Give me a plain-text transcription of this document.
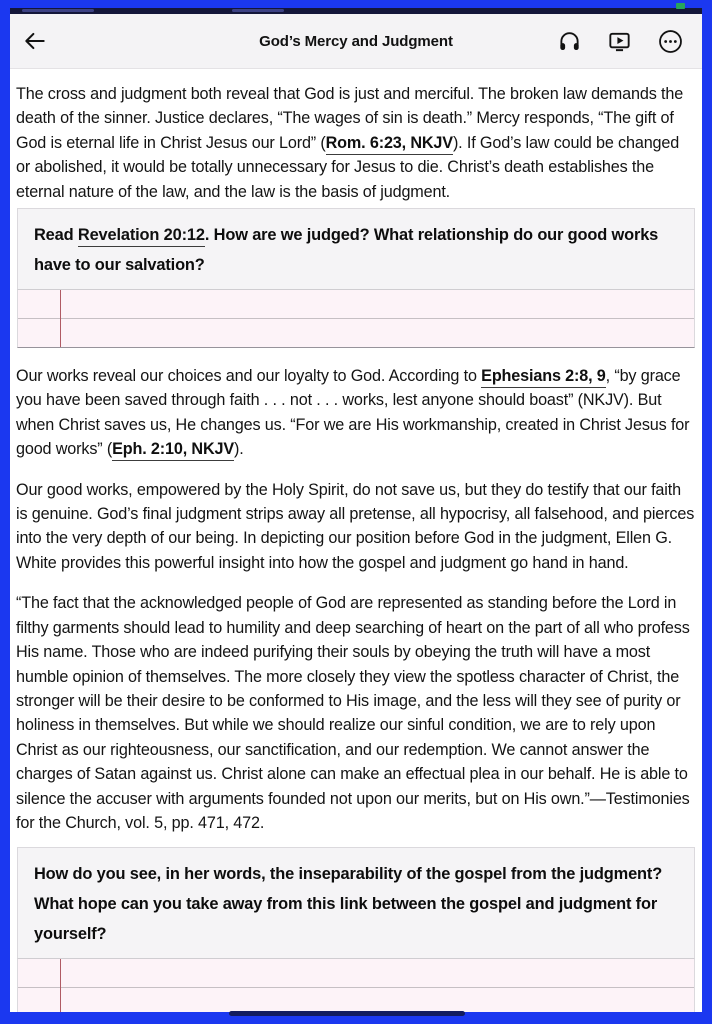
God’s Mercy and Judgment

The cross and judgment both reveal that God is just and merciful. The broken law demands the death of the sinner. Justice declares, “The wages of sin is death.” Mercy responds, “The gift of God is eternal life in Christ Jesus our Lord” (Rom. 6:23, NKJV). If God’s law could be changed or abolished, it would be totally unnecessary for Jesus to die. Christ’s death establishes the eternal nature of the law, and the law is the basis of judgment.

Read Revelation 20:12. How are we judged? What relationship do our good works have to our salvation?

Our works reveal our choices and our loyalty to God. According to Ephesians 2:8, 9, “by grace you have been saved through faith . . . not . . . works, lest anyone should boast” (NKJV). But when Christ saves us, He changes us. “For we are His workmanship, created in Christ Jesus for good works” (Eph. 2:10, NKJV).

Our good works, empowered by the Holy Spirit, do not save us, but they do testify that our faith is genuine. God’s final judgment strips away all pretense, all hypocrisy, all falsehood, and pierces into the very depth of our being. In depicting our position before God in the judgment, Ellen G. White provides this powerful insight into how the gospel and judgment go hand in hand.

“The fact that the acknowledged people of God are represented as standing before the Lord in filthy garments should lead to humility and deep searching of heart on the part of all who profess His name. Those who are indeed purifying their souls by obeying the truth will have a most humble opinion of themselves. The more closely they view the spotless character of Christ, the stronger will be their desire to be conformed to His image, and the less will they see of purity or holiness in themselves. But while we should realize our sinful condition, we are to rely upon Christ as our righteousness, our sanctification, and our redemption. We cannot answer the charges of Satan against us. Christ alone can make an effectual plea in our behalf. He is able to silence the accuser with arguments founded not upon our merits, but on His own.”—Testimonies for the Church, vol. 5, pp. 471, 472.

How do you see, in her words, the inseparability of the gospel from the judgment? What hope can you take away from this link between the gospel and judgment for yourself?
